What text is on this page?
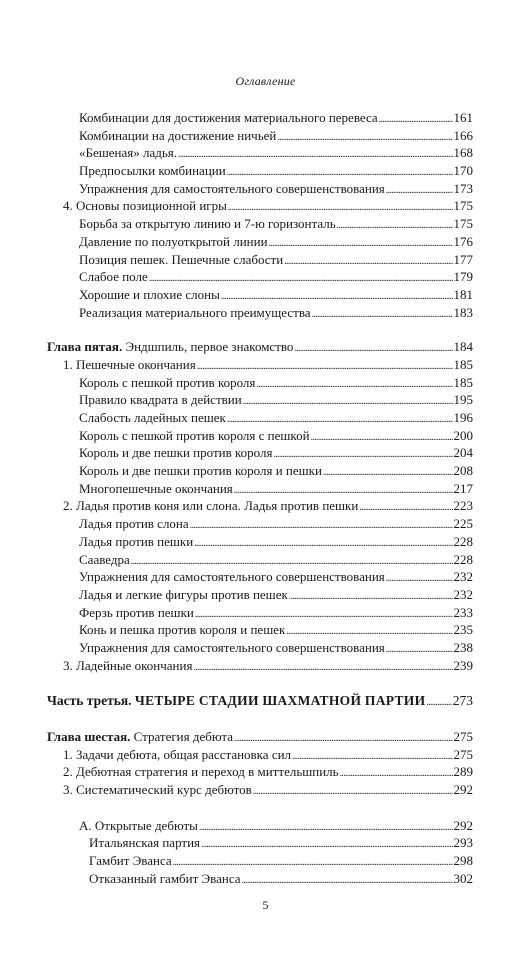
Оглавление
Комбинации для достижения материального перевеса . . .	161
Комбинации на достижение ничьей . . .	166
«Бешеная» ладья. . . .	168
Предпосылки комбинации . . .	170
Упражнения для самостоятельного совершенствования . . .	173
4. Основы позиционной игры . . .	175
Борьба за открытую линию и 7-ю горизонталь . . .	175
Давление по полуоткрытой линии . . .	176
Позиция пешек. Пешечные слабости . . .	177
Слабое поле . . .	179
Хорошие и плохие слоны . . .	181
Реализация материального преимущества . . .	183
Глава пятая. Эндшпиль, первое знакомство . . .	184
1. Пешечные окончания . . .	185
Король с пешкой против короля . . .	185
Правило квадрата в действии . . .	195
Слабость ладейных пешек . . .	196
Король с пешкой против короля с пешкой . . .	200
Король и две пешки против короля . . .	204
Король и две пешки против короля и пешки . . .	208
Многопешечные окончания . . .	217
2. Ладья против коня или слона. Ладья против пешки . . .	223
Ладья против слона . . .	225
Ладья против пешки . . .	228
Сааведра . . .	228
Упражнения для самостоятельного совершенствования . . .	232
Ладья и легкие фигуры против пешек . . .	232
Ферзь против пешки . . .	233
Конь и пешка против короля и пешек . . .	235
Упражнения для самостоятельного совершенствования . . .	238
3. Ладейные окончания . . .	239
Часть третья. ЧЕТЫРЕ СТАДИИ ШАХМАТНОЙ ПАРТИИ . . . 273
Глава шестая. Стратегия дебюта . . .	275
1. Задачи дебюта, общая расстановка сил . . .	275
2. Дебютная стратегия и переход в миттельшпиль . . .	289
3. Систематический курс дебютов . . .	292
А. Открытые дебюты . . .	292
Итальянская партия . . .	293
Гамбит Эванса . . .	298
Отказанный гамбит Эванса . . .	302
5
